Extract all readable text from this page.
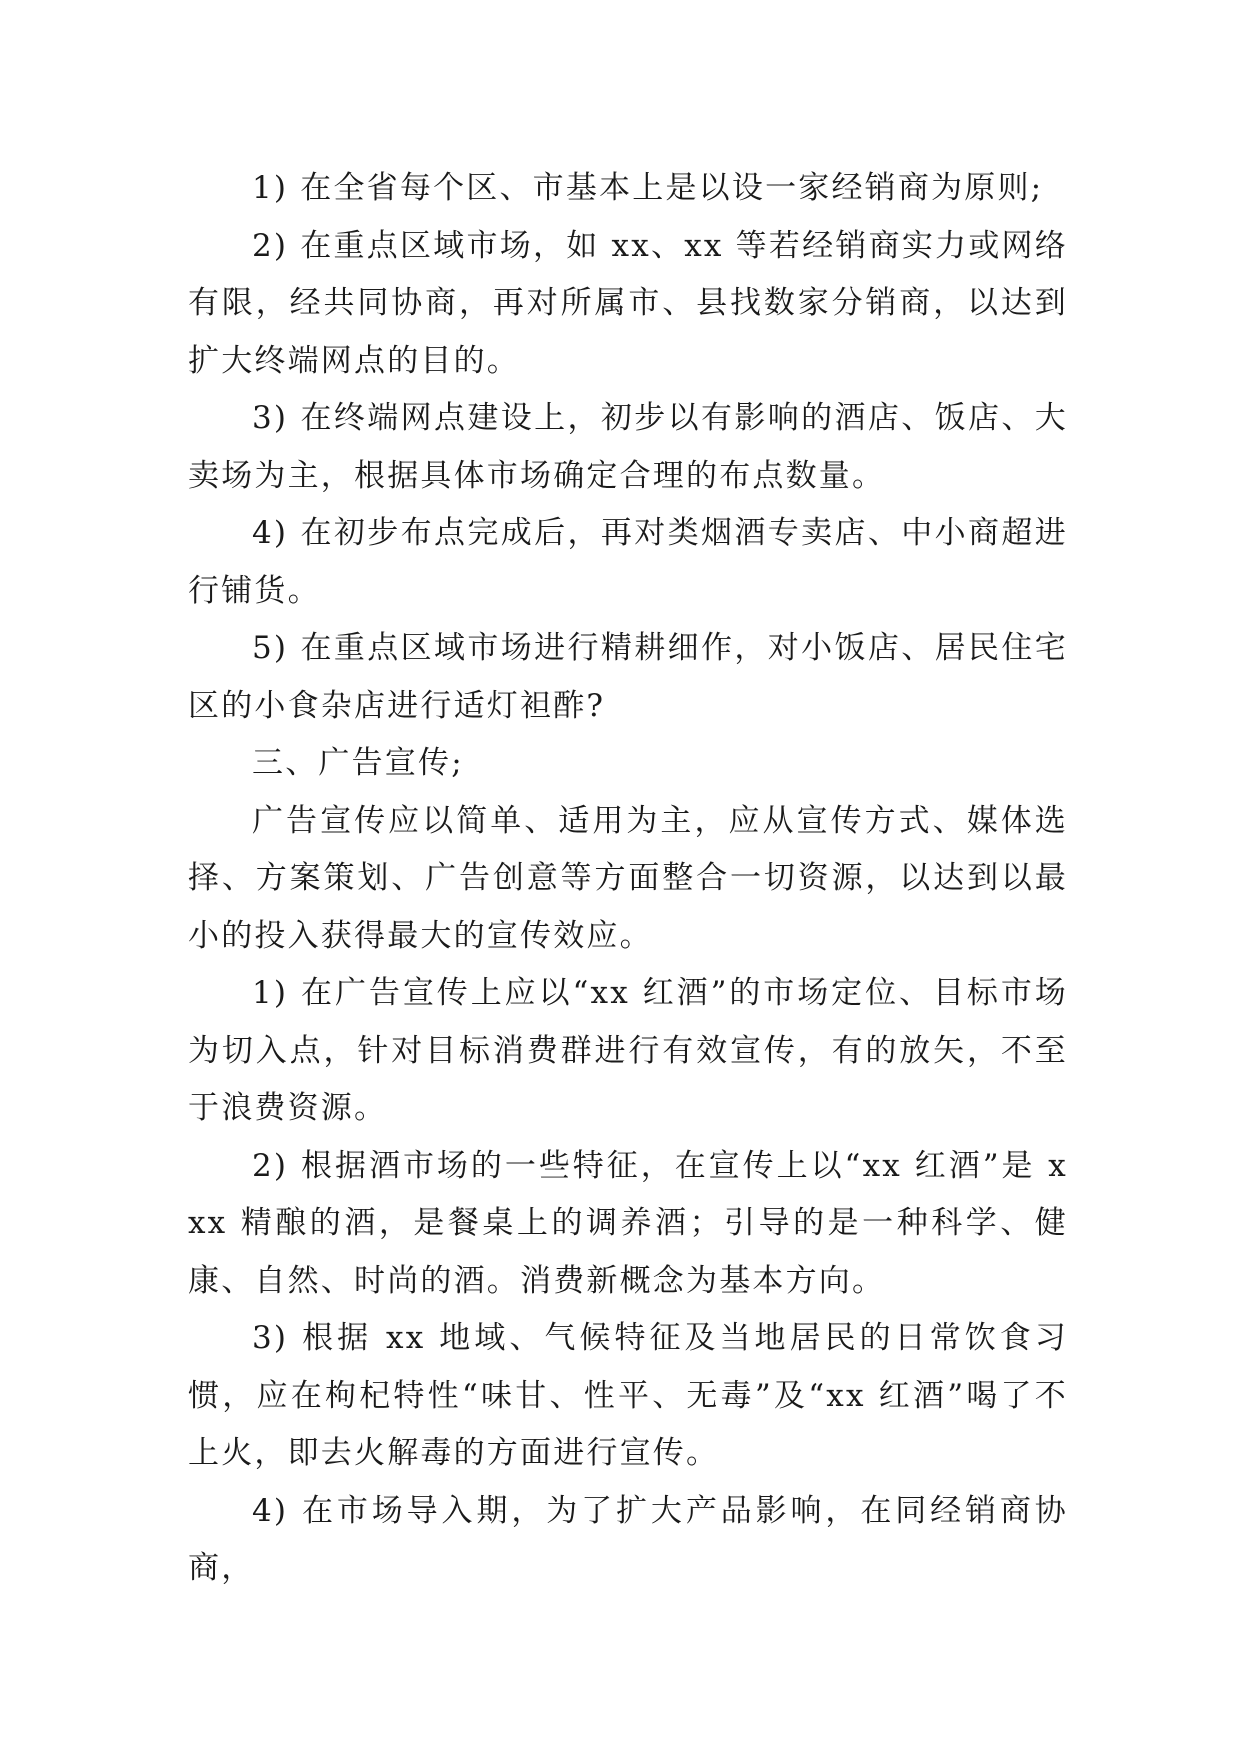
1) 在全省每个区、市基本上是以设一家经销商为原则;

2) 在重点区域市场，如 xx、xx 等若经销商实力或网络有限，经共同协商，再对所属市、县找数家分销商，以达到扩大终端网点的目的。

3) 在终端网点建设上，初步以有影响的酒店、饭店、大卖场为主，根据具体市场确定合理的布点数量。

4) 在初步布点完成后，再对类烟酒专卖店、中小商超进行铺货。

5) 在重点区域市场进行精耕细作，对小饭店、居民住宅区的小食杂店进行适灯袒酢?

三、广告宣传;

广告宣传应以简单、适用为主，应从宣传方式、媒体选择、方案策划、广告创意等方面整合一切资源，以达到以最小的投入获得最大的宣传效应。

1) 在广告宣传上应以“xx 红酒”的市场定位、目标市场为切入点，针对目标消费群进行有效宣传，有的放矢，不至于浪费资源。

2) 根据酒市场的一些特征，在宣传上以“xx 红酒”是 xxx 精酿的酒，是餐桌上的调养酒；引导的是一种科学、健康、自然、时尚的酒。消费新概念为基本方向。

3) 根据 xx 地域、气候特征及当地居民的日常饮食习惯，应在枸杞特性“味甘、性平、无毒”及“xx 红酒”喝了不上火，即去火解毒的方面进行宣传。

4) 在市场导入期，为了扩大产品影响，在同经销商协商，
